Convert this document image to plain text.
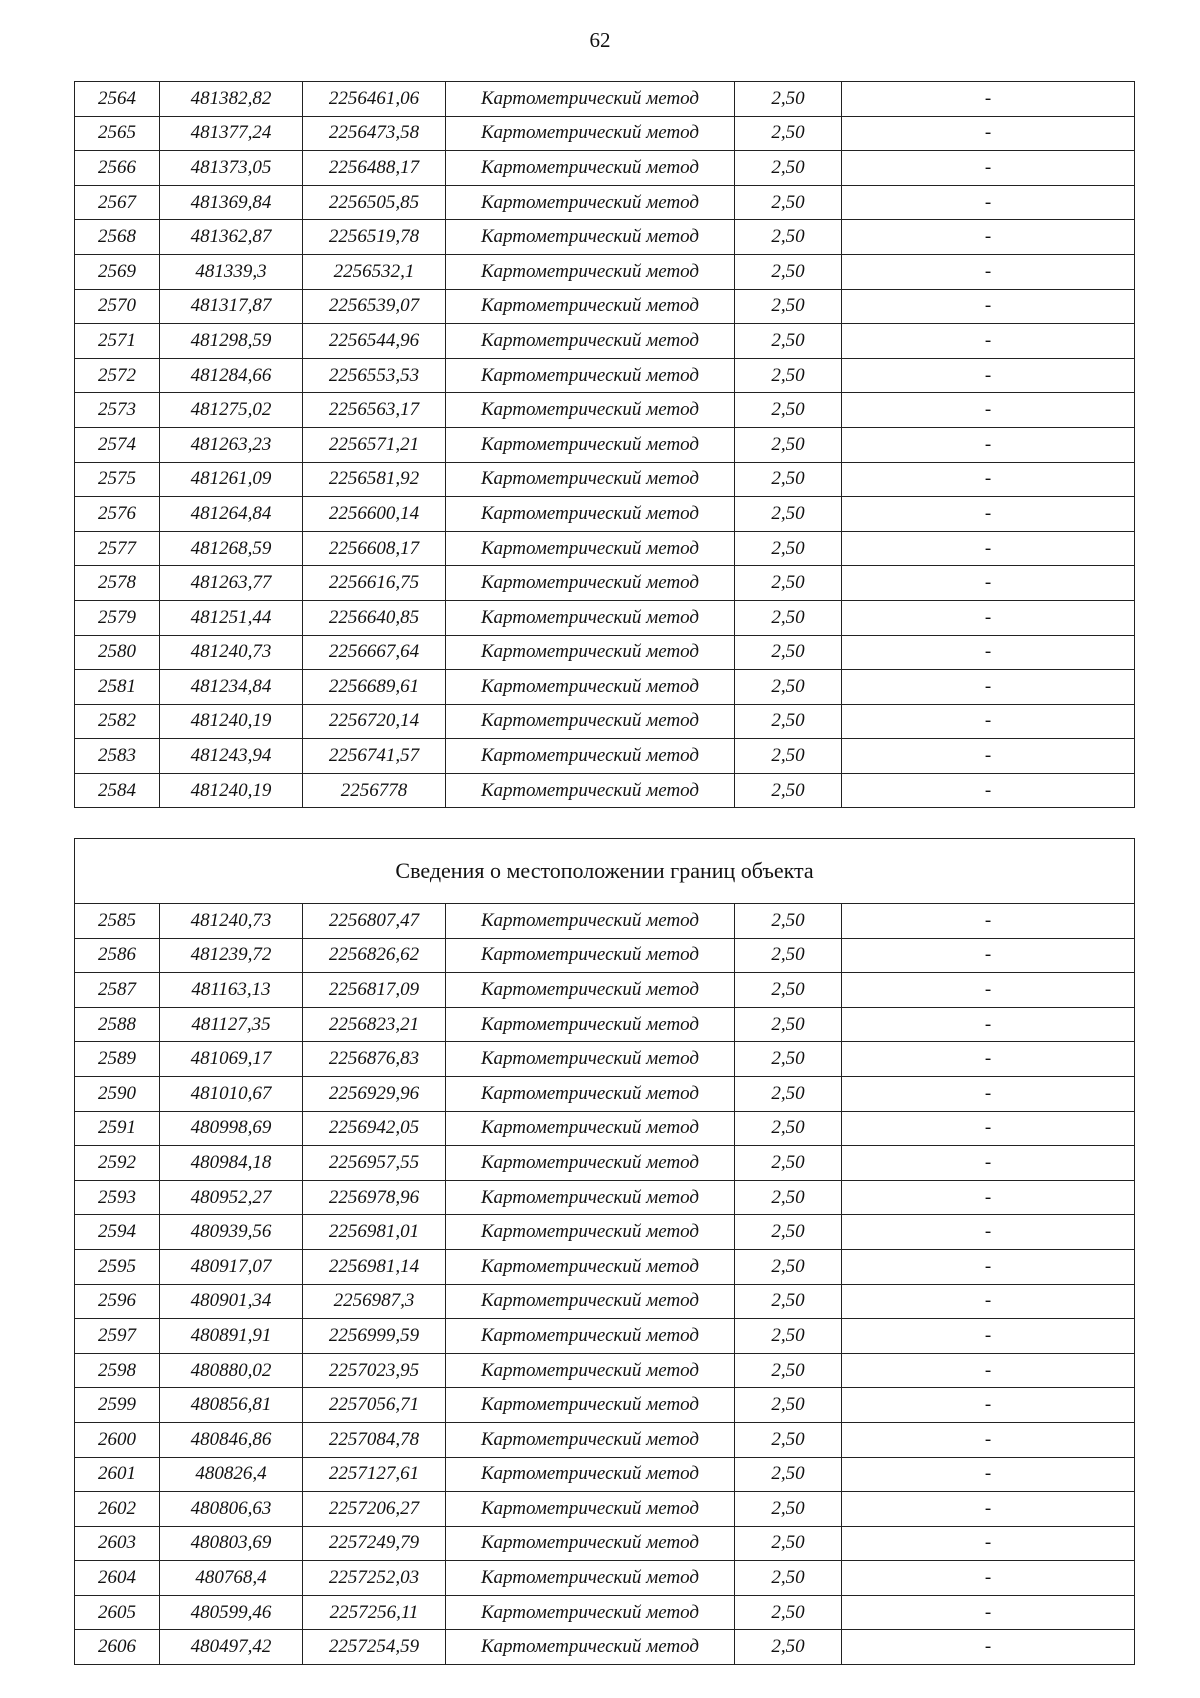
62
2564	481382,82	2256461,06	Картометрический метод	2,50	-
2565	481377,24	2256473,58	Картометрический метод	2,50	-
2566	481373,05	2256488,17	Картометрический метод	2,50	-
2567	481369,84	2256505,85	Картометрический метод	2,50	-
2568	481362,87	2256519,78	Картометрический метод	2,50	-
2569	481339,3	2256532,1	Картометрический метод	2,50	-
2570	481317,87	2256539,07	Картометрический метод	2,50	-
2571	481298,59	2256544,96	Картометрический метод	2,50	-
2572	481284,66	2256553,53	Картометрический метод	2,50	-
2573	481275,02	2256563,17	Картометрический метод	2,50	-
2574	481263,23	2256571,21	Картометрический метод	2,50	-
2575	481261,09	2256581,92	Картометрический метод	2,50	-
2576	481264,84	2256600,14	Картометрический метод	2,50	-
2577	481268,59	2256608,17	Картометрический метод	2,50	-
2578	481263,77	2256616,75	Картометрический метод	2,50	-
2579	481251,44	2256640,85	Картометрический метод	2,50	-
2580	481240,73	2256667,64	Картометрический метод	2,50	-
2581	481234,84	2256689,61	Картометрический метод	2,50	-
2582	481240,19	2256720,14	Картометрический метод	2,50	-
2583	481243,94	2256741,57	Картометрический метод	2,50	-
2584	481240,19	2256778	Картометрический метод	2,50	-
Сведения о местоположении границ объекта					
2585	481240,73	2256807,47	Картометрический метод	2,50	-
2586	481239,72	2256826,62	Картометрический метод	2,50	-
2587	481163,13	2256817,09	Картометрический метод	2,50	-
2588	481127,35	2256823,21	Картометрический метод	2,50	-
2589	481069,17	2256876,83	Картометрический метод	2,50	-
2590	481010,67	2256929,96	Картометрический метод	2,50	-
2591	480998,69	2256942,05	Картометрический метод	2,50	-
2592	480984,18	2256957,55	Картометрический метод	2,50	-
2593	480952,27	2256978,96	Картометрический метод	2,50	-
2594	480939,56	2256981,01	Картометрический метод	2,50	-
2595	480917,07	2256981,14	Картометрический метод	2,50	-
2596	480901,34	2256987,3	Картометрический метод	2,50	-
2597	480891,91	2256999,59	Картометрический метод	2,50	-
2598	480880,02	2257023,95	Картометрический метод	2,50	-
2599	480856,81	2257056,71	Картометрический метод	2,50	-
2600	480846,86	2257084,78	Картометрический метод	2,50	-
2601	480826,4	2257127,61	Картометрический метод	2,50	-
2602	480806,63	2257206,27	Картометрический метод	2,50	-
2603	480803,69	2257249,79	Картометрический метод	2,50	-
2604	480768,4	2257252,03	Картометрический метод	2,50	-
2605	480599,46	2257256,11	Картометрический метод	2,50	-
2606	480497,42	2257254,59	Картометрический метод	2,50	-
